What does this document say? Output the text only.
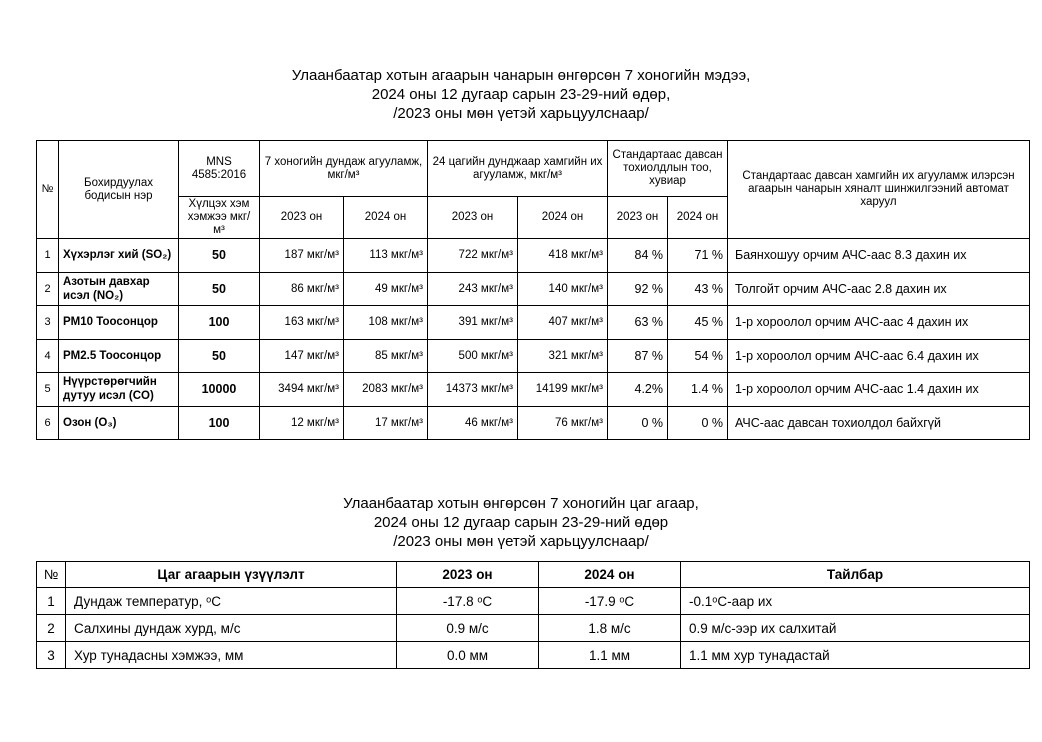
Улаанбаатар хотын агаарын чанарын өнгөрсөн 7 хоногийн мэдээ,
2024 оны 12 дугаар сарын 23-29-ний өдөр,
/2023 оны мөн үетэй харьцуулснаар/
№	Бохирдуулах бодисын нэр	MNS 4585:2016	7 хоногийн дундаж агууламж, мкг/м³		24 цагийн дунджаар хамгийн их агууламж, мкг/м³		Стандартаас давсан тохиолдлын тоо, хувиар		Стандартаас давсан хамгийн их агууламж илэрсэн агаарын чанарын хяналт шинжилгээний автомат харуул
		Хүлцэх хэм хэмжээ мкг/м³	2023 он	2024 он	2023 он	2024 он	2023 он	2024 он	
1	Хүхэрлэг хий (SO₂)	50	187 мкг/м³	113 мкг/м³	722 мкг/м³	418 мкг/м³	84 %	71 %	Баянхошуу орчим АЧС-аас 8.3 дахин их
2	Азотын давхар исэл (NO₂)	50	86 мкг/м³	49 мкг/м³	243 мкг/м³	140 мкг/м³	92 %	43 %	Толгойт орчим АЧС-аас 2.8 дахин их
3	PM10 Тоосонцор	100	163 мкг/м³	108 мкг/м³	391 мкг/м³	407 мкг/м³	63 %	45 %	1-р хороолол орчим АЧС-аас 4 дахин их
4	PM2.5 Тоосонцор	50	147 мкг/м³	85 мкг/м³	500 мкг/м³	321 мкг/м³	87 %	54 %	1-р хороолол орчим АЧС-аас 6.4 дахин их
5	Нүүрстөрөгчийн дутуу исэл (CO)	10000	3494 мкг/м³	2083 мкг/м³	14373 мкг/м³	14199 мкг/м³	4.2%	1.4 %	1-р хороолол орчим АЧС-аас 1.4 дахин их
6	Озон (O₃)	100	12 мкг/м³	17 мкг/м³	46 мкг/м³	76 мкг/м³	0 %	0 %	АЧС-аас давсан тохиолдол байхгүй
Улаанбаатар хотын өнгөрсөн 7 хоногийн цаг агаар,
2024 оны 12 дугаар сарын 23-29-ний өдөр
/2023 оны мөн үетэй харьцуулснаар/
№	Цаг агаарын үзүүлэлт	2023 он	2024 он	Тайлбар
1	Дундаж температур, ᵒC	-17.8 ᵒC	-17.9 ᵒC	-0.1ᵒC-аар их
2	Салхины дундаж хурд, м/с	0.9 м/с	1.8 м/с	0.9 м/с-ээр их салхитай
3	Хур тунадасны хэмжээ, мм	0.0 мм	1.1 мм	1.1 мм хур тунадастай
